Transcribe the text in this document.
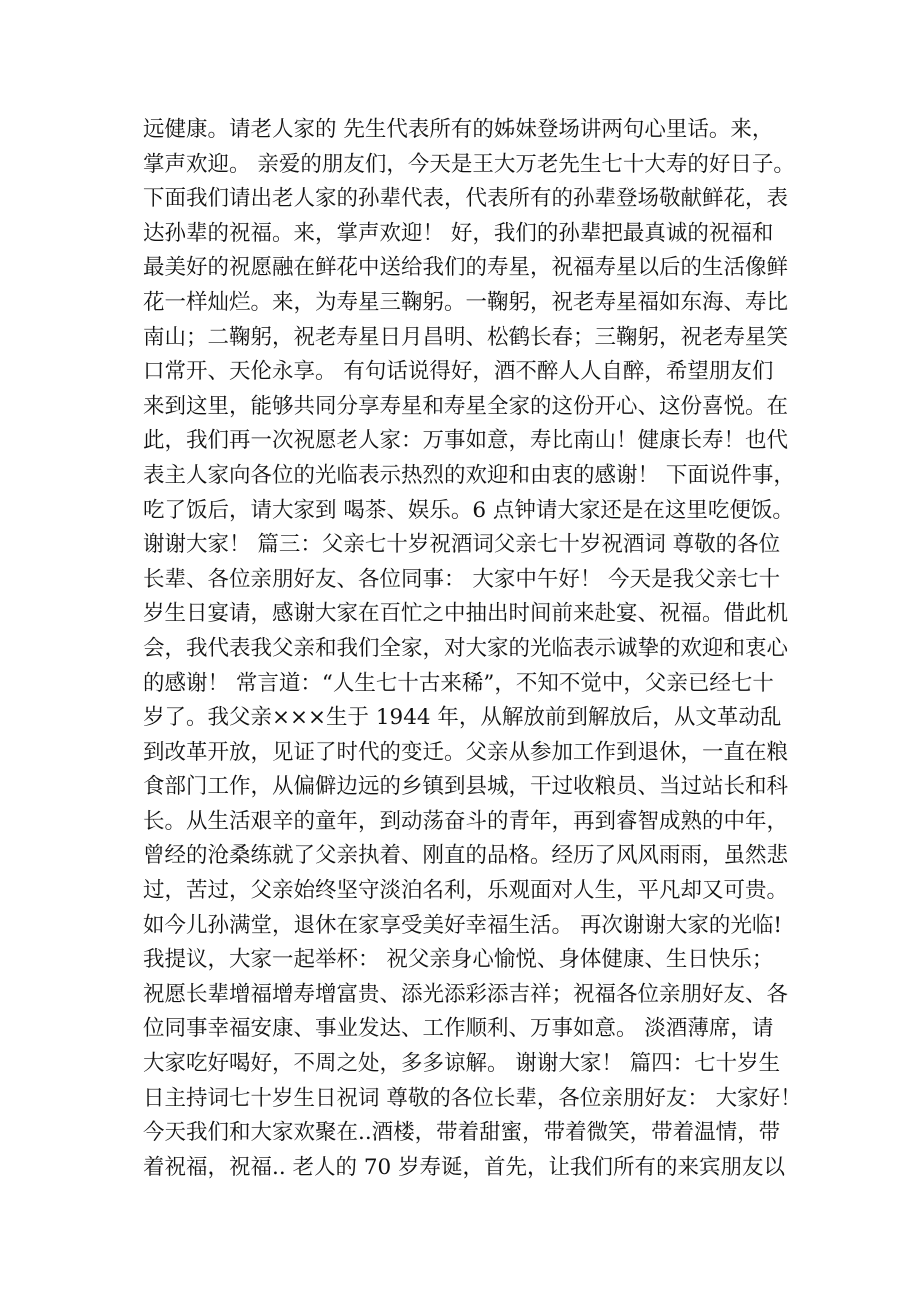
远健康。请老人家的 先生代表所有的姊妹登场讲两句心里话。来，
掌声欢迎。 亲爱的朋友们，今天是王大万老先生七十大寿的好日子。
下面我们请出老人家的孙辈代表，代表所有的孙辈登场敬献鲜花，表
达孙辈的祝福。来，掌声欢迎！ 好，我们的孙辈把最真诚的祝福和
最美好的祝愿融在鲜花中送给我们的寿星，祝福寿星以后的生活像鲜
花一样灿烂。来，为寿星三鞠躬。一鞠躬，祝老寿星福如东海、寿比
南山；二鞠躬，祝老寿星日月昌明、松鹤长春；三鞠躬，祝老寿星笑
口常开、天伦永享。 有句话说得好，酒不醉人人自醉，希望朋友们
来到这里，能够共同分享寿星和寿星全家的这份开心、这份喜悦。在
此，我们再一次祝愿老人家：万事如意，寿比南山！健康长寿！也代
表主人家向各位的光临表示热烈的欢迎和由衷的感谢！ 下面说件事，
吃了饭后，请大家到 喝茶、娱乐。6 点钟请大家还是在这里吃便饭。
谢谢大家！ 篇三：父亲七十岁祝酒词父亲七十岁祝酒词 尊敬的各位
长辈、各位亲朋好友、各位同事： 大家中午好！ 今天是我父亲七十
岁生日宴请，感谢大家在百忙之中抽出时间前来赴宴、祝福。借此机
会，我代表我父亲和我们全家，对大家的光临表示诚挚的欢迎和衷心
的感谢！ 常言道：“人生七十古来稀”，不知不觉中，父亲已经七十
岁了。我父亲×××生于 1944 年，从解放前到解放后，从文革动乱
到改革开放，见证了时代的变迁。父亲从参加工作到退休，一直在粮
食部门工作，从偏僻边远的乡镇到县城，干过收粮员、当过站长和科
长。从生活艰辛的童年，到动荡奋斗的青年，再到睿智成熟的中年，
曾经的沧桑练就了父亲执着、刚直的品格。经历了风风雨雨，虽然悲
过，苦过，父亲始终坚守淡泊名利，乐观面对人生，平凡却又可贵。
如今儿孙满堂，退休在家享受美好幸福生活。 再次谢谢大家的光临!
我提议，大家一起举杯： 祝父亲身心愉悦、身体健康、生日快乐；
祝愿长辈增福增寿增富贵、添光添彩添吉祥；祝福各位亲朋好友、各
位同事幸福安康、事业发达、工作顺利、万事如意。 淡酒薄席，请
大家吃好喝好，不周之处，多多谅解。 谢谢大家！ 篇四：七十岁生
日主持词七十岁生日祝词 尊敬的各位长辈，各位亲朋好友： 大家好！
今天我们和大家欢聚在..酒楼，带着甜蜜，带着微笑，带着温情，带
着祝福，祝福.. 老人的 70 岁寿诞，首先，让我们所有的来宾朋友以
